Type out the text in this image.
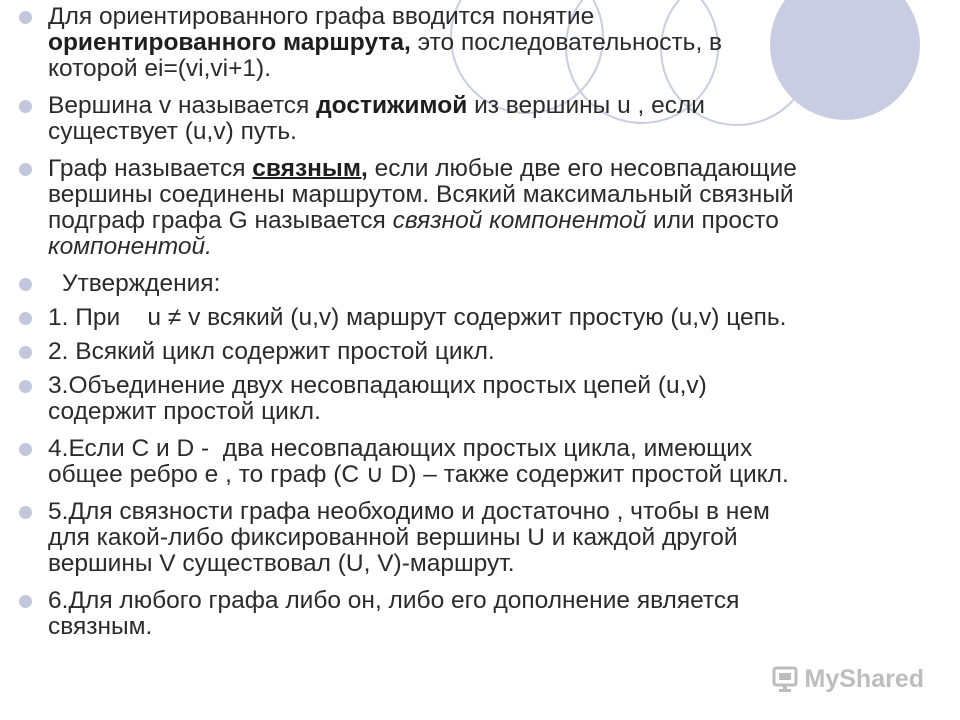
Для ориентированного графа вводится понятие
ориентированного маршрута, это последовательность, в
которой ei=(vi,vi+1).
Вершина v называется достижимой из вершины u , если
существует (u,v) путь.
Граф называется связным, если любые две его несовпадающие
вершины соединены маршрутом. Всякий максимальный связный
подграф графа G называется связной компонентой или просто
компонентой.
Утверждения:
1. При    u ≠ v всякий (u,v) маршрут содержит простую (u,v) цепь.
2. Всякий цикл содержит простой цикл.
3.Объединение двух несовпадающих простых цепей (u,v)
содержит простой цикл.
4.Если С и D -  два несовпадающих простых цикла, имеющих
общее ребро е , то граф (С ∪ D) – также содержит простой цикл.
5.Для связности графа необходимо и достаточно , чтобы в нем
для какой-либо фиксированной вершины U и каждой другой
вершины V существовал (U, V)-маршрут.
6.Для любого графа либо он, либо его дополнение является
связным.
MyShared
